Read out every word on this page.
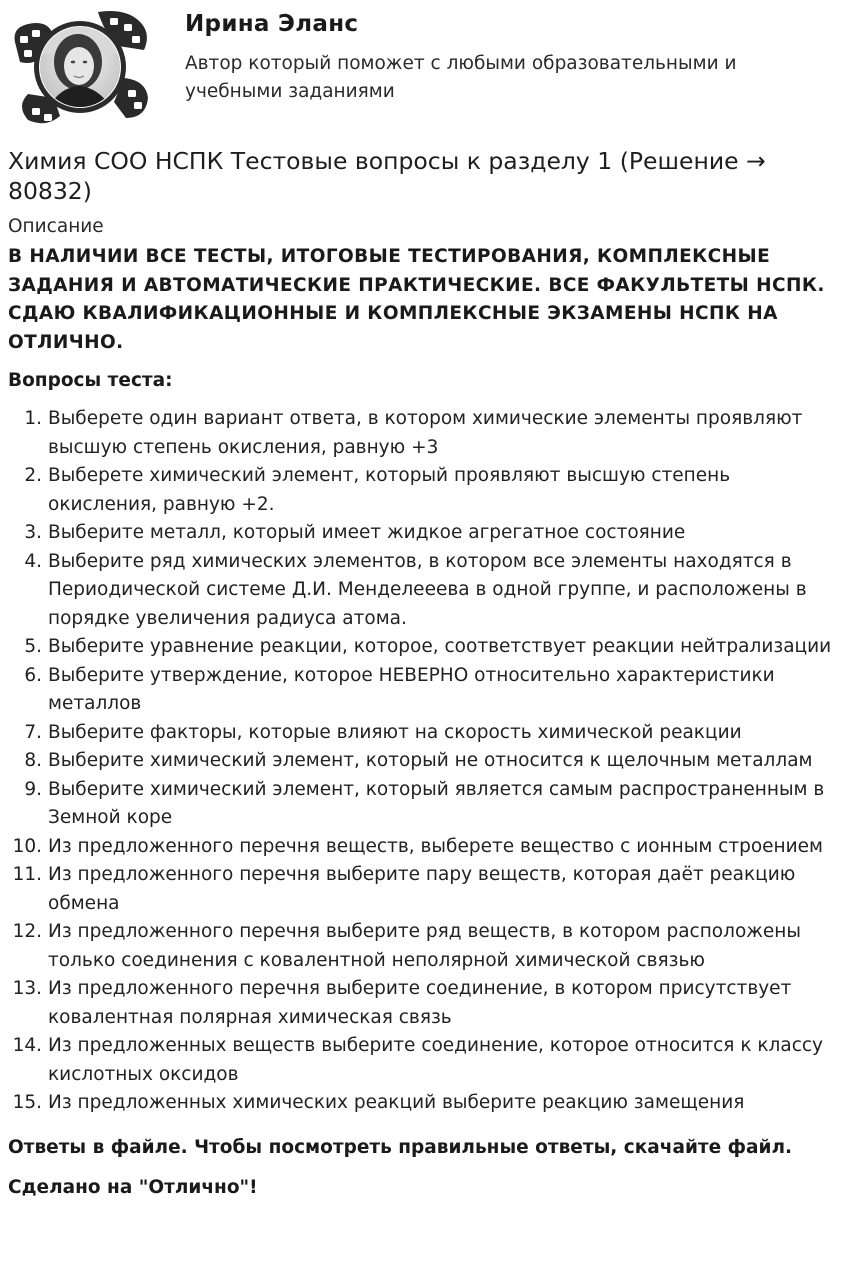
Ирина Эланс
Автор который поможет с любыми образовательными и учебными заданиями
Химия СОО НСПК Тестовые вопросы к разделу 1 (Решение → 80832)
Описание
В НАЛИЧИИ ВСЕ ТЕСТЫ, ИТОГОВЫЕ ТЕСТИРОВАНИЯ, КОМПЛЕКСНЫЕ ЗАДАНИЯ И АВТОМАТИЧЕСКИЕ ПРАКТИЧЕСКИЕ. ВСЕ ФАКУЛЬТЕТЫ НСПК. СДАЮ КВАЛИФИКАЦИОННЫЕ И КОМПЛЕКСНЫЕ ЭКЗАМЕНЫ НСПК НА ОТЛИЧНО.
Вопросы теста:
1. Выберете один вариант ответа, в котором химические элементы проявляют высшую степень окисления, равную +3
2. Выберете химический элемент, который проявляют высшую степень окисления, равную +2.
3. Выберите металл, который имеет жидкое агрегатное состояние
4. Выберите ряд химических элементов, в котором все элементы находятся в Периодической системе Д.И. Менделееева в одной группе, и расположены в порядке увеличения радиуса атома.
5. Выберите уравнение реакции, которое, соответствует реакции нейтрализации
6. Выберите утверждение, которое НЕВЕРНО относительно характеристики металлов
7. Выберите факторы, которые влияют на скорость химической реакции
8. Выберите химический элемент, который не относится к щелочным металлам
9. Выберите химический элемент, который является самым распространенным в Земной коре
10. Из предложенного перечня веществ, выберете вещество с ионным строением
11. Из предложенного перечня выберите пару веществ, которая даёт реакцию обмена
12. Из предложенного перечня выберите ряд веществ, в котором расположены только соединения с ковалентной неполярной химической связью
13. Из предложенного перечня выберите соединение, в котором присутствует ковалентная полярная химическая связь
14. Из предложенных веществ выберите соединение, которое относится к классу кислотных оксидов
15. Из предложенных химических реакций выберите реакцию замещения
Ответы в файле. Чтобы посмотреть правильные ответы, скачайте файл.
Сделано на "Отлично"!
